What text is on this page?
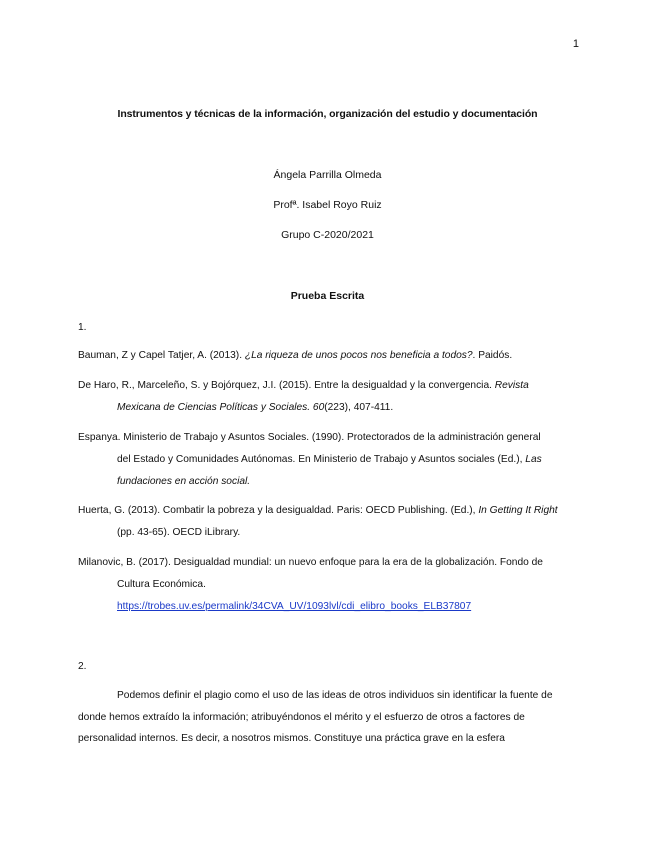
1
Instrumentos y técnicas de la información, organización del estudio y documentación
Ángela Parrilla Olmeda
Profª. Isabel Royo Ruiz
Grupo C-2020/2021
Prueba Escrita
1.
Bauman, Z y Capel Tatjer, A. (2013). ¿La riqueza de unos pocos nos beneficia a todos?. Paidós.
De Haro, R., Marceleño, S. y Bojórquez, J.I. (2015). Entre la desigualdad y la convergencia. Revista
Mexicana de Ciencias Políticas y Sociales. 60(223), 407-411.
Espanya. Ministerio de Trabajo y Asuntos Sociales. (1990). Protectorados de la administración general
del Estado y Comunidades Autónomas. En Ministerio de Trabajo y Asuntos sociales (Ed.), Las
fundaciones en acción social.
Huerta, G. (2013). Combatir la pobreza y la desigualdad. Paris: OECD Publishing. (Ed.), In Getting It Right
(pp. 43-65). OECD iLibrary.
Milanovic, B. (2017). Desigualdad mundial: un nuevo enfoque para la era de la globalización. Fondo de
Cultura Económica.
https://trobes.uv.es/permalink/34CVA_UV/1093lvl/cdi_elibro_books_ELB37807
2.
Podemos definir el plagio como el uso de las ideas de otros individuos sin identificar la fuente de
donde hemos extraído la información; atribuyéndonos el mérito y el esfuerzo de otros a factores de
personalidad internos. Es decir, a nosotros mismos. Constituye una práctica grave en la esfera
